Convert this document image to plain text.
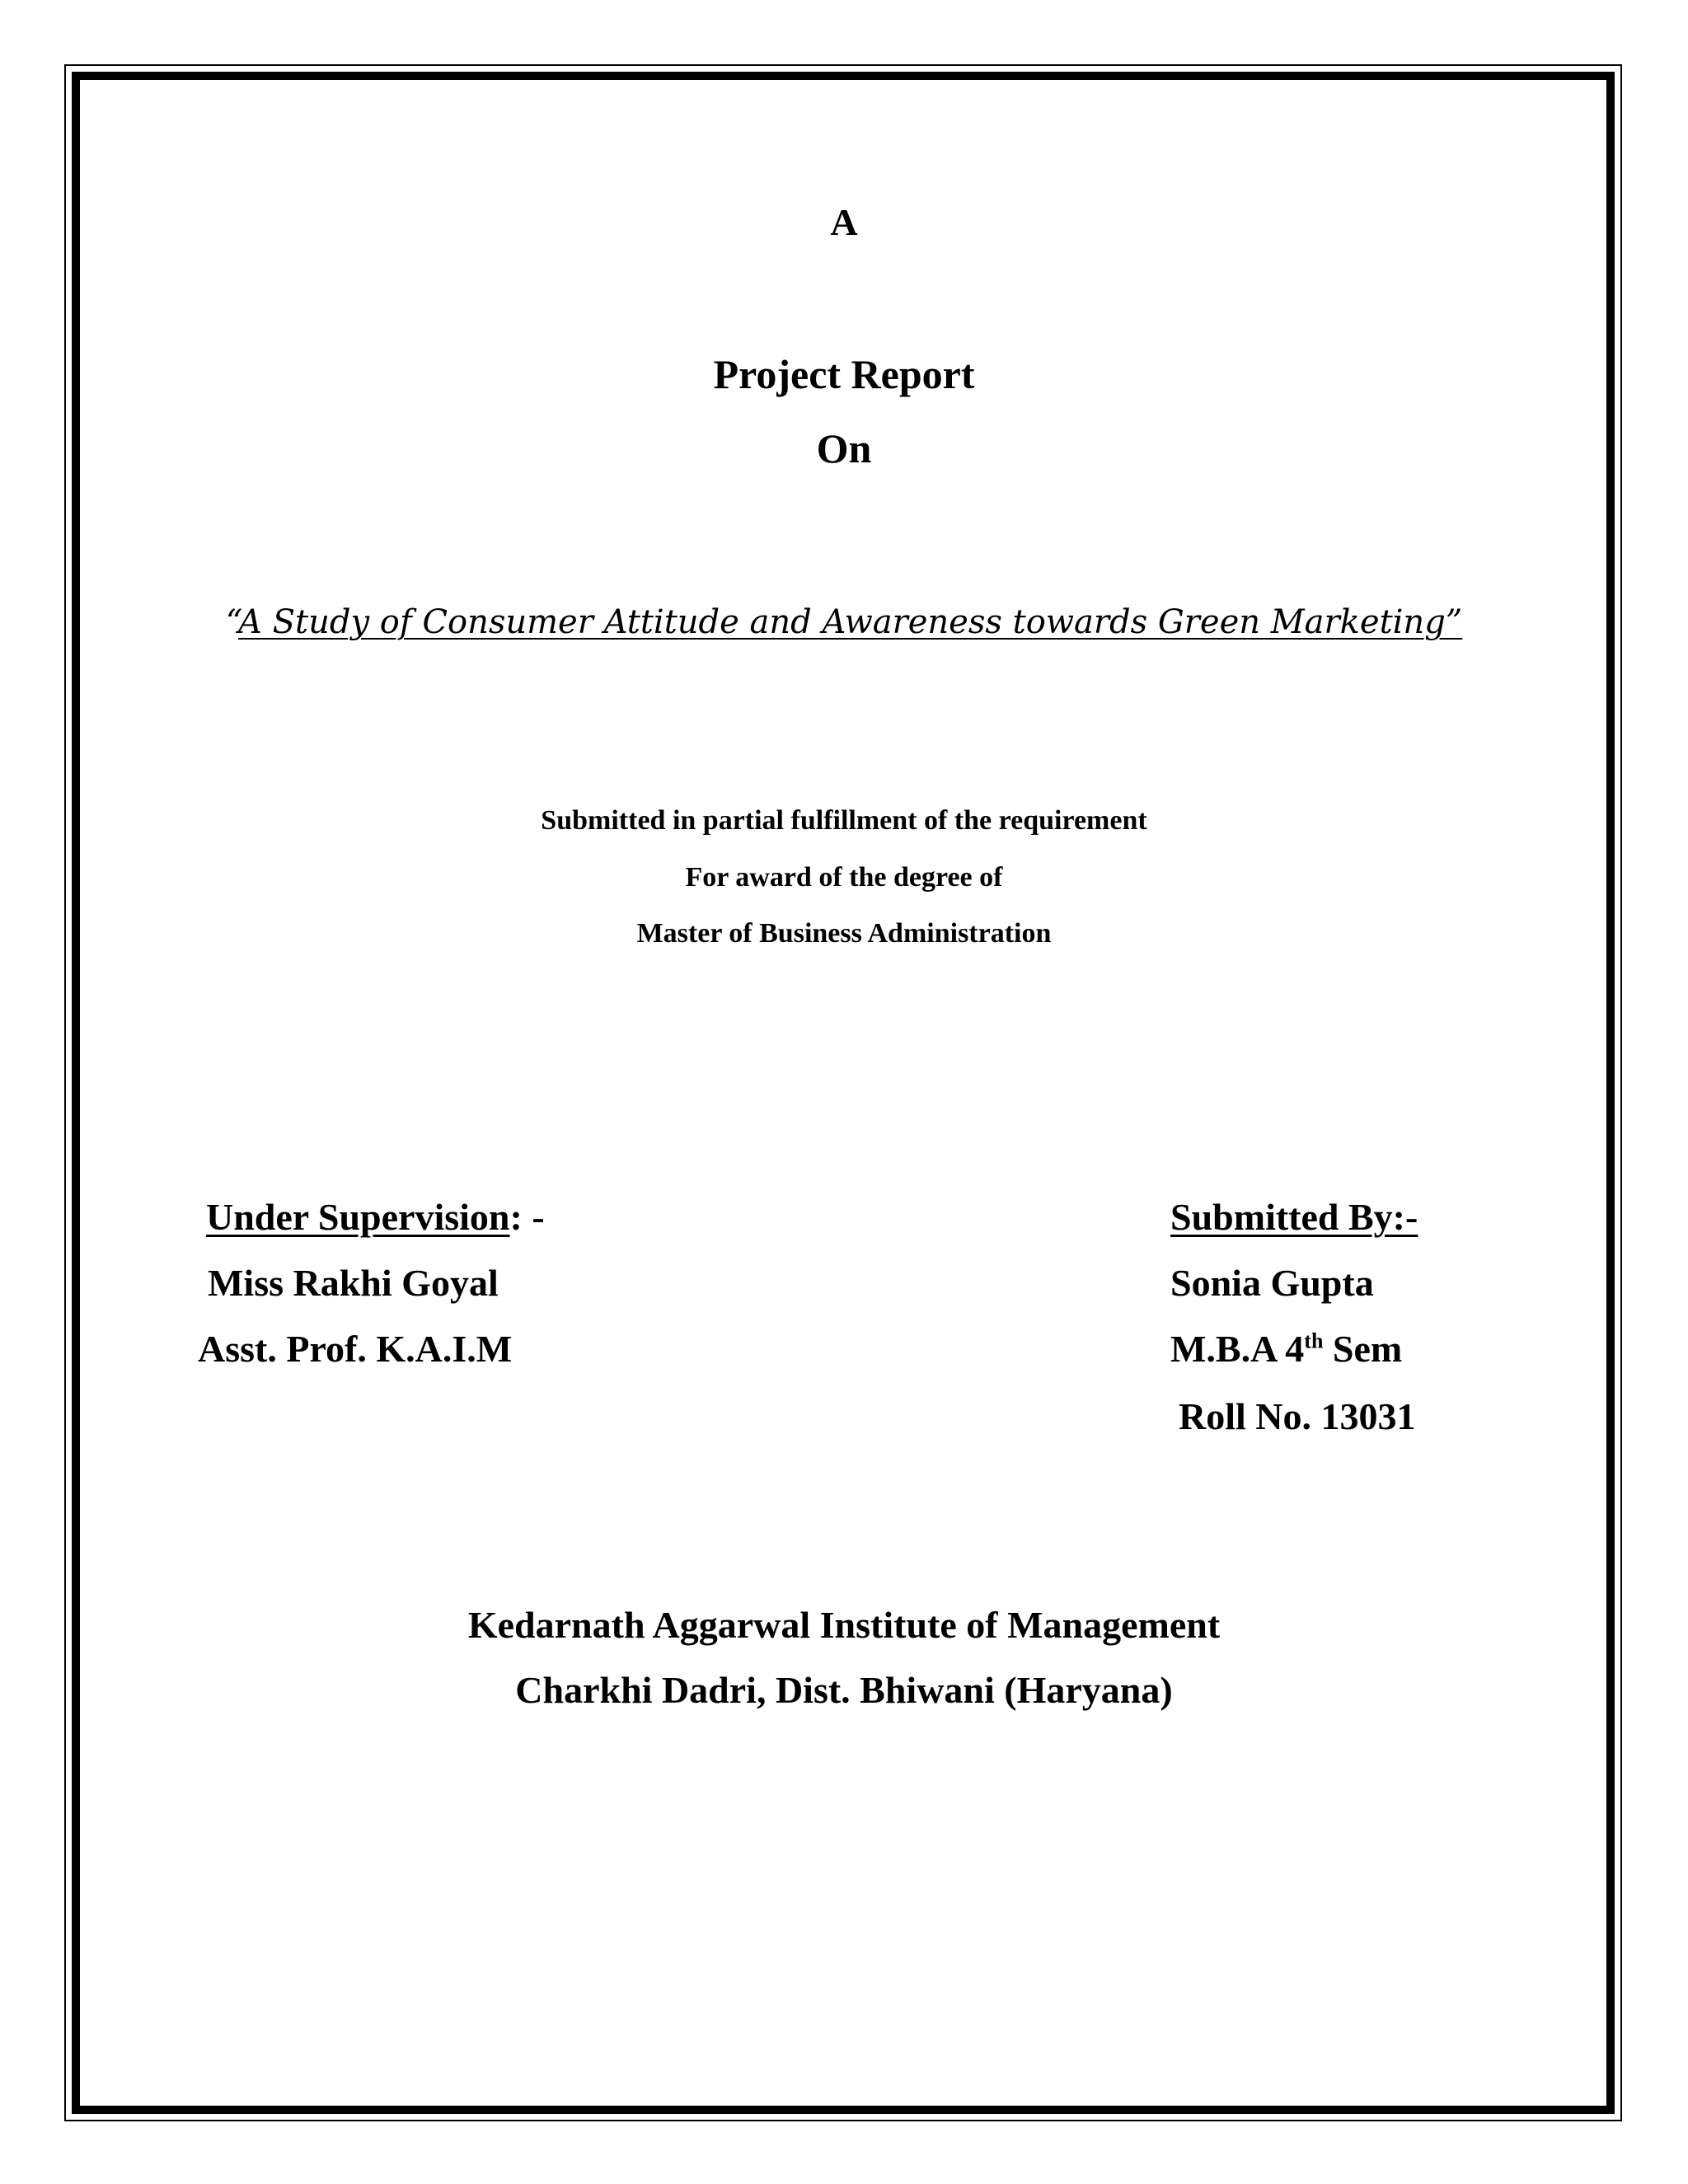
A
Project Report
On
“A Study of Consumer Attitude and Awareness towards Green Marketing”
Submitted in partial fulfillment of the requirement
For award of the degree of
Master of Business Administration
Under Supervision: -
Miss Rakhi Goyal
Asst. Prof. K.A.I.M
Submitted By:-
Sonia Gupta
M.B.A 4th Sem
Roll No. 13031
Kedarnath Aggarwal Institute of Management
Charkhi Dadri, Dist. Bhiwani (Haryana)
